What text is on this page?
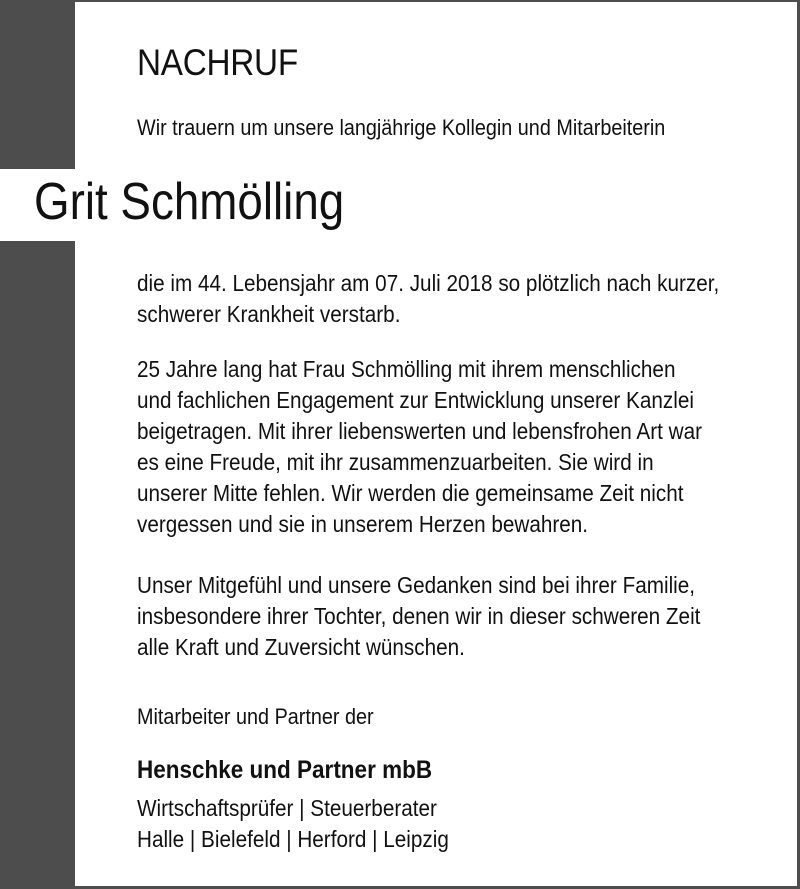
NACHRUF

Wir trauern um unsere langjährige Kollegin und Mitarbeiterin

Grit Schmölling

die im 44. Lebensjahr am 07. Juli 2018 so plötzlich nach kurzer,
schwerer Krankheit verstarb.

25 Jahre lang hat Frau Schmölling mit ihrem menschlichen
und fachlichen Engagement zur Entwicklung unserer Kanzlei
beigetragen. Mit ihrer liebenswerten und lebensfrohen Art war
es eine Freude, mit ihr zusammenzuarbeiten. Sie wird in
unserer Mitte fehlen. Wir werden die gemeinsame Zeit nicht
vergessen und sie in unserem Herzen bewahren.

Unser Mitgefühl und unsere Gedanken sind bei ihrer Familie,
insbesondere ihrer Tochter, denen wir in dieser schweren Zeit
alle Kraft und Zuversicht wünschen.

Mitarbeiter und Partner der

Henschke und Partner mbB

Wirtschaftsprüfer | Steuerberater

Halle | Bielefeld | Herford | Leipzig
